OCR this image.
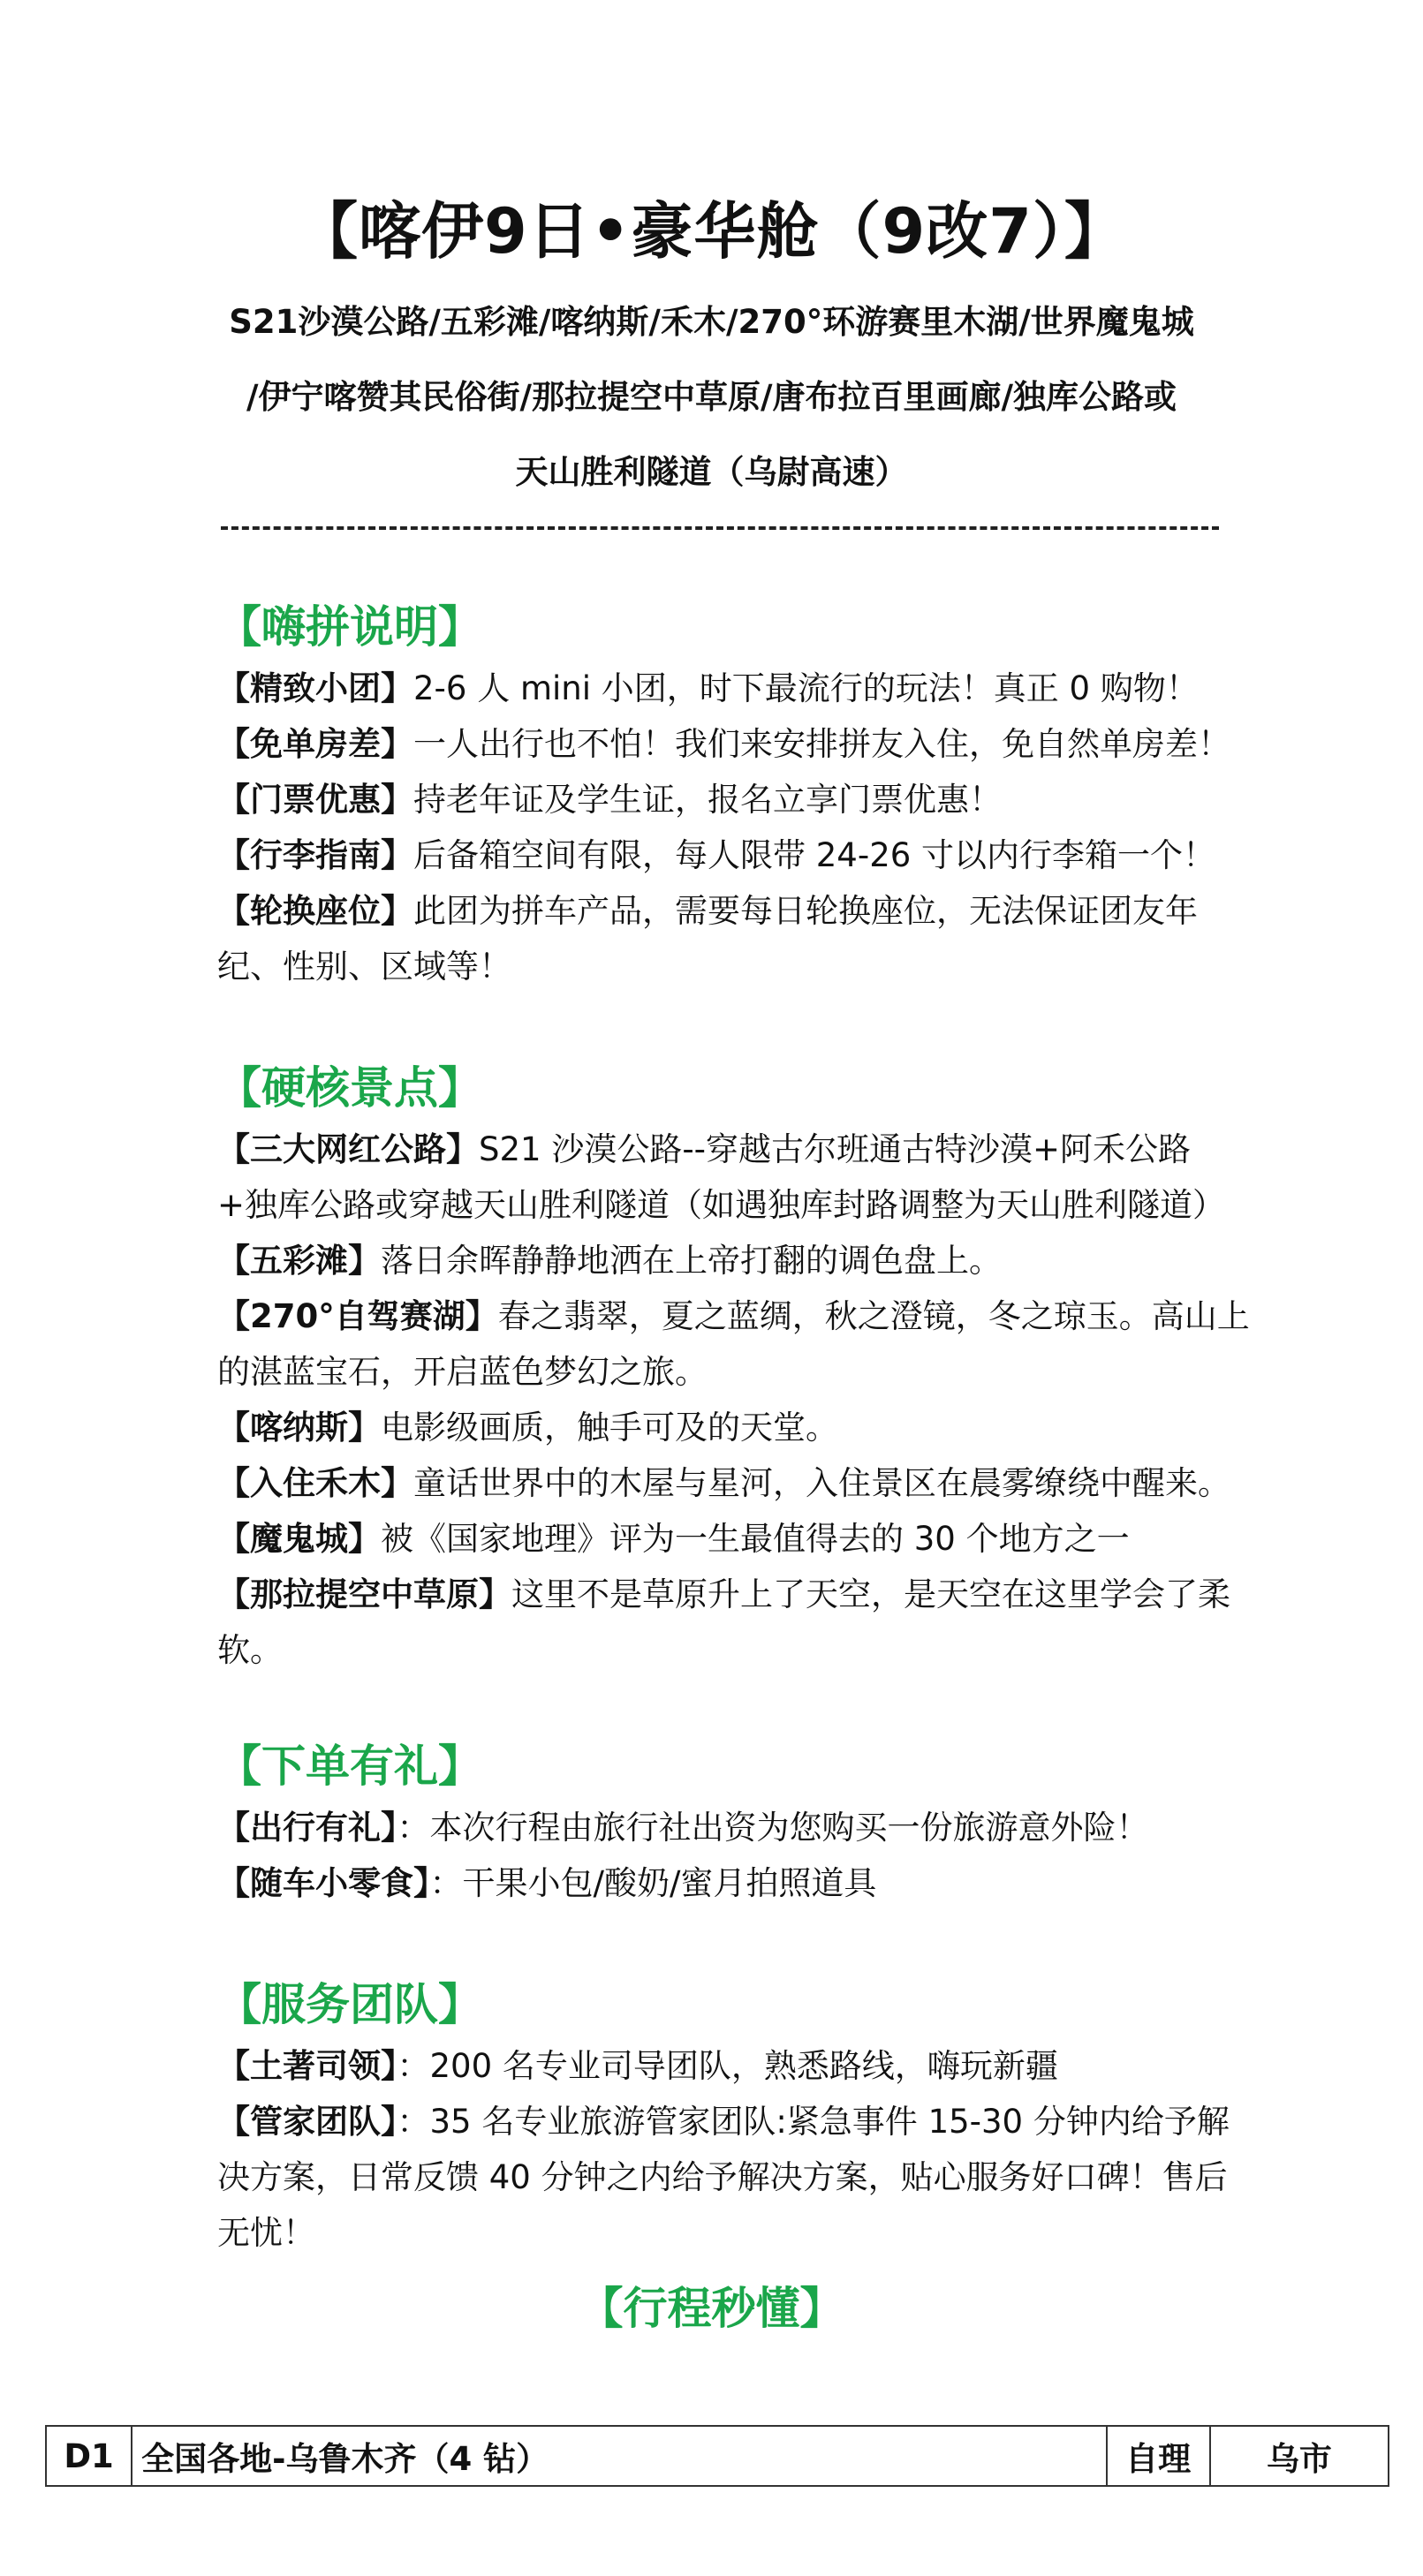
【喀伊9日•豪华舱（9改7）】
S21沙漠公路/五彩滩/喀纳斯/禾木/270°环游赛里木湖/世界魔鬼城
/伊宁喀赞其民俗街/那拉提空中草原/唐布拉百里画廊/独库公路或
天山胜利隧道（乌尉高速）
【嗨拼说明】

【精致小团】2-6 人 mini 小团，时下最流行的玩法！真正 0 购物！

【免单房差】一人出行也不怕！我们来安排拼友入住，免自然单房差！

【门票优惠】持老年证及学生证，报名立享门票优惠！

【行李指南】后备箱空间有限，每人限带 24-26 寸以内行李箱一个！

【轮换座位】此团为拼车产品，需要每日轮换座位，无法保证团友年纪、性别、区域等！

【硬核景点】

【三大网红公路】S21 沙漠公路--穿越古尔班通古特沙漠+阿禾公路+独库公路或穿越天山胜利隧道（如遇独库封路调整为天山胜利隧道）

【五彩滩】落日余晖静静地洒在上帝打翻的调色盘上。

【270°自驾赛湖】春之翡翠，夏之蓝绸，秋之澄镜，冬之琼玉。高山上的湛蓝宝石，开启蓝色梦幻之旅。

【喀纳斯】电影级画质，触手可及的天堂。

【入住禾木】童话世界中的木屋与星河，入住景区在晨雾缭绕中醒来。

【魔鬼城】被《国家地理》评为一生最值得去的 30 个地方之一

【那拉提空中草原】这里不是草原升上了天空，是天空在这里学会了柔软。

【下单有礼】

【出行有礼】：本次行程由旅行社出资为您购买一份旅游意外险！

【随车小零食】：干果小包/酸奶/蜜月拍照道具

【服务团队】

【土著司领】：200 名专业司导团队，熟悉路线，嗨玩新疆

【管家团队】：35 名专业旅游管家团队:紧急事件 15-30 分钟内给予解决方案，日常反馈 40 分钟之内给予解决方案，贴心服务好口碑！售后无忧！

【行程秒懂】
D1	全国各地-乌鲁木齐（4 钻）	自理	乌市
